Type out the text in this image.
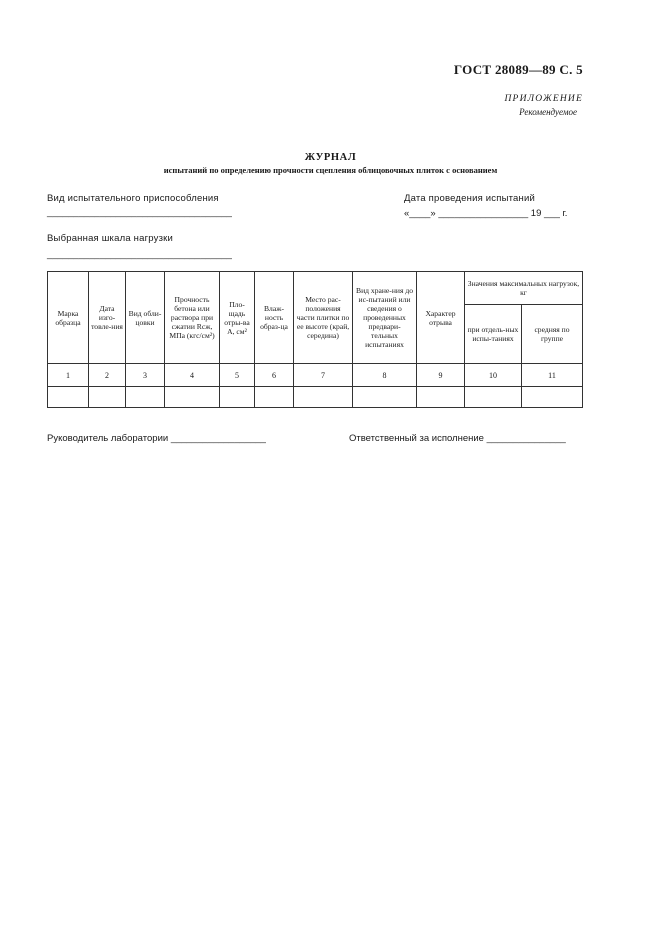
ГОСТ 28089—89 С. 5
ПРИЛОЖЕНИЕ
Рекомендуемое
ЖУРНАЛ
испытаний по определению прочности сцепления облицовочных плиток с основанием
Вид испытательного приспособления
___________________________________
Дата проведения испытаний
«____» _________________ 19 ___ г.
Выбранная шкала нагрузки
___________________________________
Марка образца	Дата изго-товле-ния	Вид обли-цовки	Прочность бетона или раствора при сжатии Rсж, МПа (кгс/см²)	Пло-щадь отры-ва A, см²	Влаж-ность образ-ца	Место рас-положения части плитки по ее высоте (край, середина)	Вид хране-ния до ис-пытаний или сведения о проведенных предвари-тельных испытаниях	Характер отрыва	Значения максимальных нагрузок, кг	
									при отдель-ных испы-таниях	средняя по группе
1	2	3	4	5	6	7	8	9	10	11

Руководитель лаборатории __________________	Ответственный за исполнение _______________
